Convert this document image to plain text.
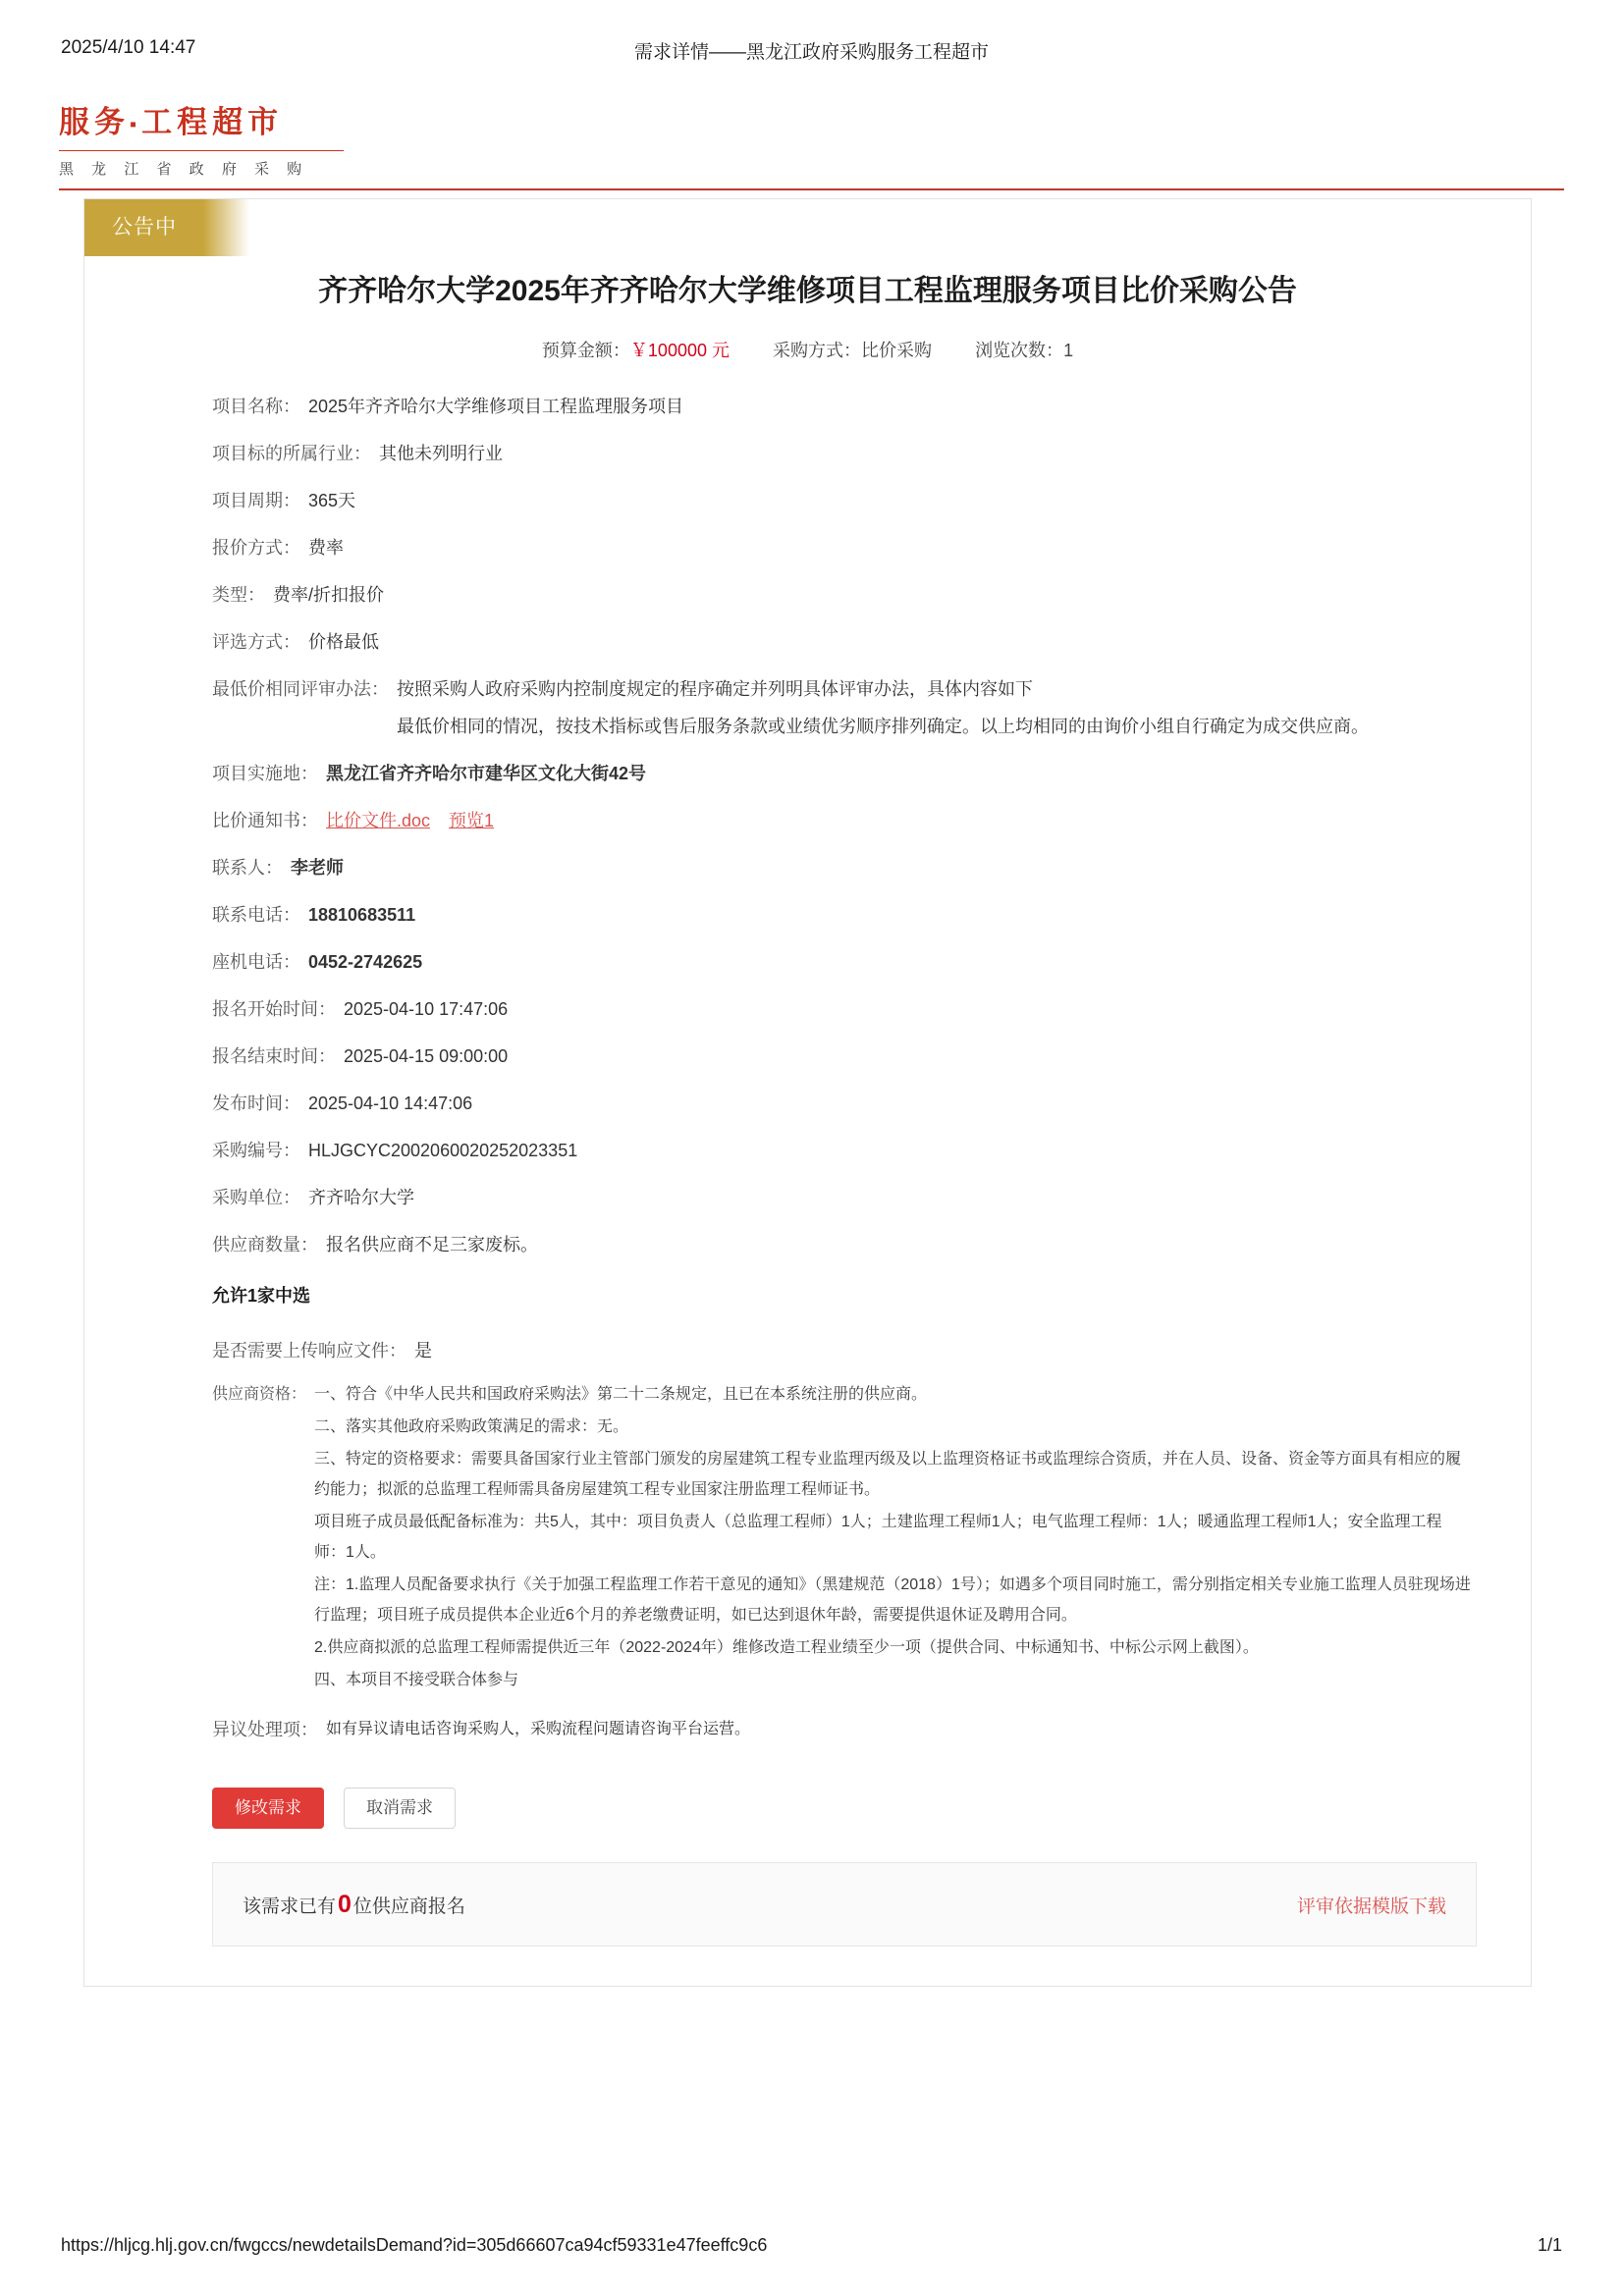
2025/4/10 14:47	需求详情——黑龙江政府采购服务工程超市
服务▪工程超市
黑 龙 江 省 政 府 采 购
公告中
齐齐哈尔大学2025年齐齐哈尔大学维修项目工程监理服务项目比价采购公告
预算金额：￥100000 元 采购方式：比价采购 浏览次数：1
项目名称： 2025年齐齐哈尔大学维修项目工程监理服务项目
项目标的所属行业： 其他未列明行业
项目周期： 365天
报价方式： 费率
类型： 费率/折扣报价
评选方式： 价格最低
最低价相同评审办法： 按照采购人政府采购内控制度规定的程序确定并列明具体评审办法，具体内容如下
最低价相同的情况，按技术指标或售后服务条款或业绩优劣顺序排列确定。以上均相同的由询价小组自行确定为成交供应商。
项目实施地： 黑龙江省齐齐哈尔市建华区文化大街42号
比价通知书： 比价文件.doc 预览1
联系人： 李老师
联系电话： 18810683511
座机电话： 0452-2742625
报名开始时间： 2025-04-10 17:47:06
报名结束时间： 2025-04-15 09:00:00
发布时间： 2025-04-10 14:47:06
采购编号： HLJGCYC2002060020252023351
采购单位： 齐齐哈尔大学
供应商数量： 报名供应商不足三家废标。
允许1家中选
是否需要上传响应文件： 是
供应商资格： 一、符合《中华人民共和国政府采购法》第二十二条规定，且已在本系统注册的供应商。

二、落实其他政府采购政策满足的需求：无。

三、特定的资格要求：需要具备国家行业主管部门颁发的房屋建筑工程专业监理丙级及以上监理资格证书或监理综合资质，并在人员、设备、资金等方面具有相应的履约能力；拟派的总监理工程师需具备房屋建筑工程专业国家注册监理工程师证书。

项目班子成员最低配备标准为：共5人，其中：项目负责人（总监理工程师）1人；土建监理工程师1人；电气监理工程师：1人；暖通监理工程师1人；安全监理工程师：1人。

注：1.监理人员配备要求执行《关于加强工程监理工作若干意见的通知》（黑建规范（2018）1号）；如遇多个项目同时施工，需分别指定相关专业施工监理人员驻现场进行监理；项目班子成员提供本企业近6个月的养老缴费证明，如已达到退休年龄，需要提供退休证及聘用合同。

2.供应商拟派的总监理工程师需提供近三年（2022-2024年）维修改造工程业绩至少一项（提供合同、中标通知书、中标公示网上截图）。

四、本项目不接受联合体参与

异议处理项： 如有异议请电话咨询采购人，采购流程问题请咨询平台运营。
修改需求	取消需求
该需求已有0 位供应商报名	评审依据模版下载
https://hljcg.hlj.gov.cn/fwgccs/newdetailsDemand?id=305d66607ca94cf59331e47feeffc9c6	1/1
